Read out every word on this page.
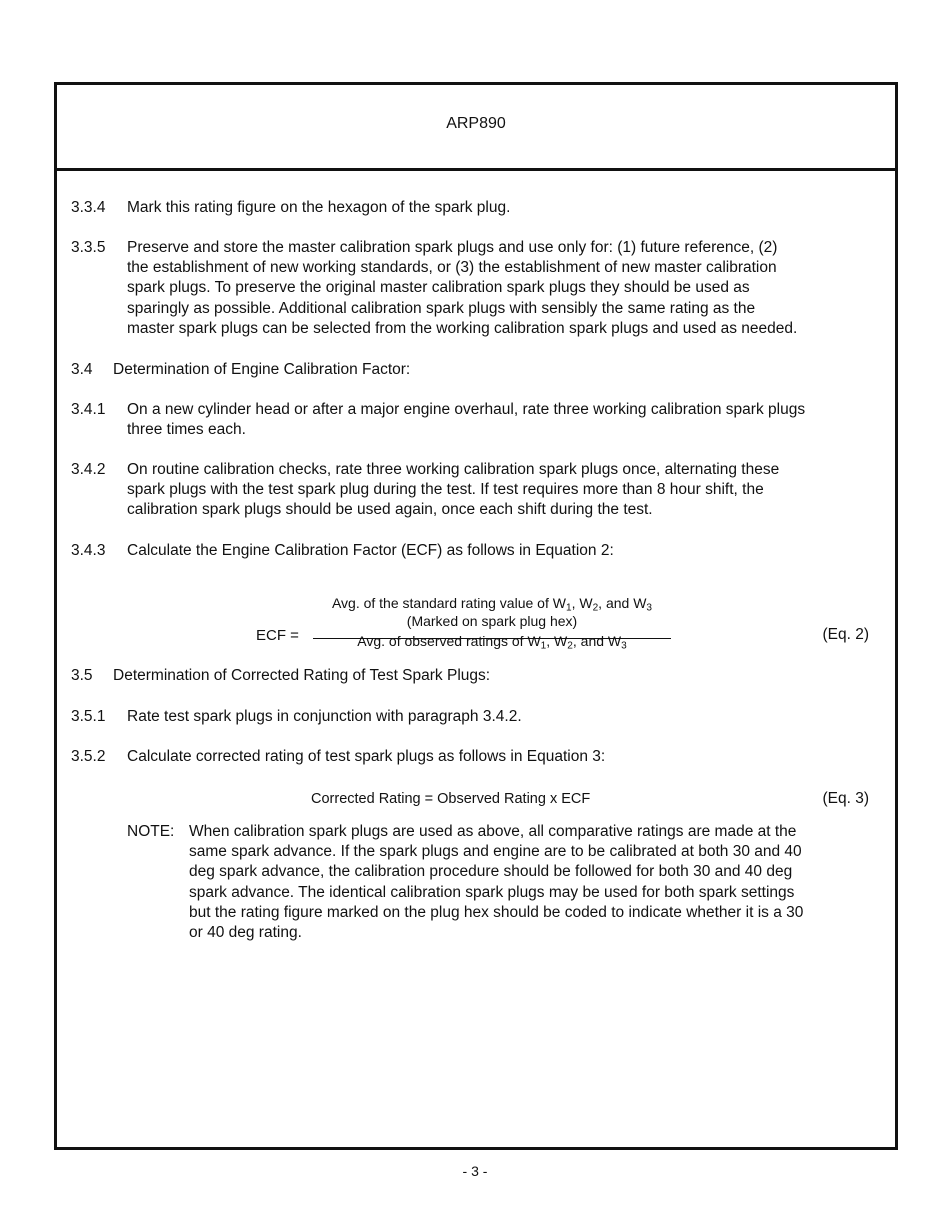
ARP890
3.3.4 Mark this rating figure on the hexagon of the spark plug.
3.3.5 Preserve and store the master calibration spark plugs and use only for: (1) future reference, (2)
the establishment of new working standards, or (3) the establishment of new master calibration
spark plugs. To preserve the original master calibration spark plugs they should be used as
sparingly as possible. Additional calibration spark plugs with sensibly the same rating as the
master spark plugs can be selected from the working calibration spark plugs and used as needed.
3.4 Determination of Engine Calibration Factor:
3.4.1 On a new cylinder head or after a major engine overhaul, rate three working calibration spark plugs
three times each.
3.4.2 On routine calibration checks, rate three working calibration spark plugs once, alternating these
spark plugs with the test spark plug during the test. If test requires more than 8 hour shift, the
calibration spark plugs should be used again, once each shift during the test.
3.4.3 Calculate the Engine Calibration Factor (ECF) as follows in Equation 2:
ECF =
Avg. of the standard rating value of $W_1$, $W_2$, and $W_3$
(Marked on spark plug hex)
Avg. of observed ratings of $W_1$, $W_2$, and $W_3$
(Eq. 2)
3.5 Determination of Corrected Rating of Test Spark Plugs:
3.5.1 Rate test spark plugs in conjunction with paragraph 3.4.2.
3.5.2 Calculate corrected rating of test spark plugs as follows in Equation 3:
Corrected Rating = Observed Rating x ECF	(Eq. 3)
NOTE: When calibration spark plugs are used as above, all comparative ratings are made at the
same spark advance. If the spark plugs and engine are to be calibrated at both 30 and 40
deg spark advance, the calibration procedure should be followed for both 30 and 40 deg
spark advance. The identical calibration spark plugs may be used for both spark settings
but the rating figure marked on the plug hex should be coded to indicate whether it is a 30
or 40 deg rating.
- 3 -
